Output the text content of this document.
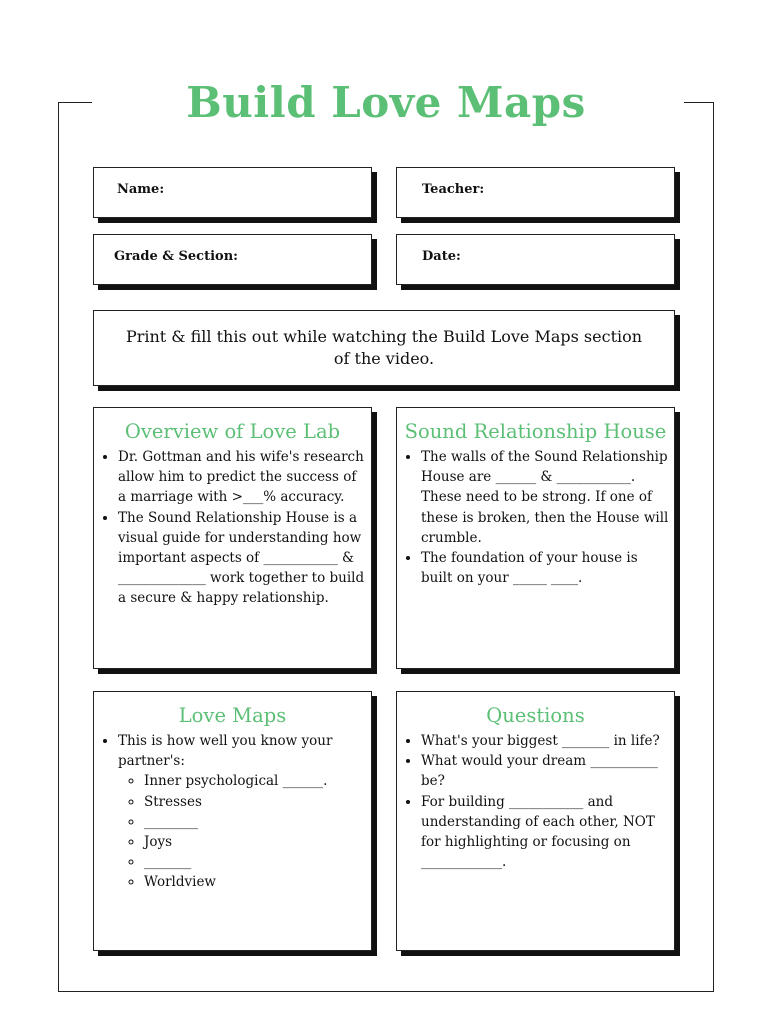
Build Love Maps
Name:	Teacher:
Grade & Section:	Date:
Print & fill this out while watching the Build Love Maps section of the video.
Overview of Love Lab
• Dr. Gottman and his wife's research allow him to predict the success of a marriage with >___% accuracy.
• The Sound Relationship House is a visual guide for understanding how important aspects of ___________ & _____________ work together to build a secure & happy relationship.
Sound Relationship House
• The walls of the Sound Relationship House are ______ & ___________. These need to be strong. If one of these is broken, then the House will crumble.
• The foundation of your house is built on your _____ ____.
Love Maps
• This is how well you know your partner's:
◦ Inner psychological ______.
◦ Stresses
◦ ________
◦ Joys
◦ _______
◦ Worldview
Questions
• What's your biggest _______ in life?
• What would your dream __________ be?
• For building ___________ and understanding of each other, NOT for highlighting or focusing on ____________.
